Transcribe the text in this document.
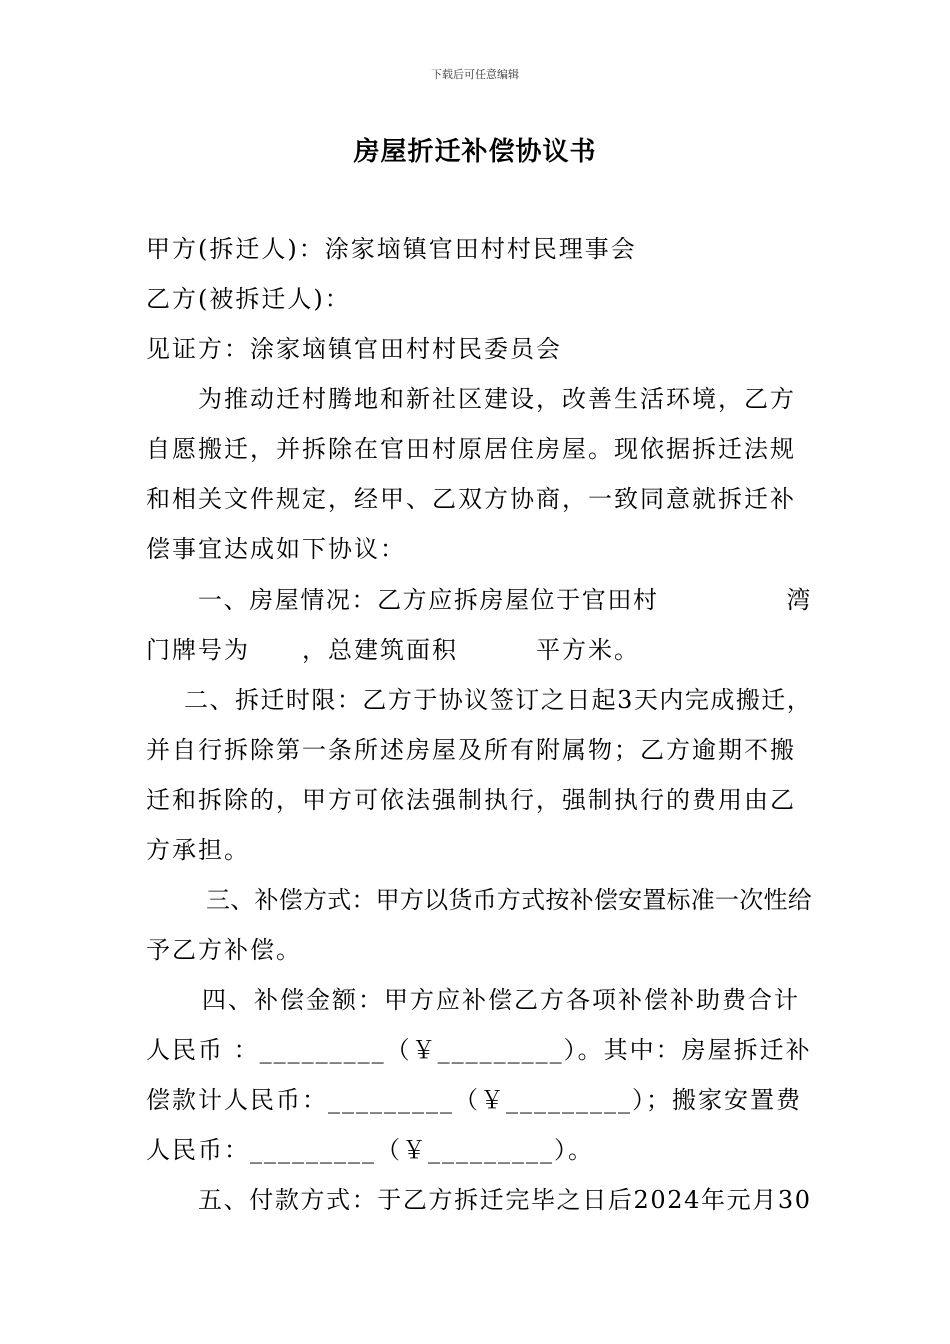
下载后可任意编辑
房屋折迁补偿协议书
甲方(拆迁人)：涂家垴镇官田村村民理事会
乙方(被拆迁人)：
见证方：涂家垴镇官田村村民委员会
为推动迁村腾地和新社区建设，改善生活环境，乙方
自愿搬迁，并拆除在官田村原居住房屋。现依据拆迁法规
和相关文件规定，经甲、乙双方协商，一致同意就拆迁补
偿事宜达成如下协议：
一、房屋情况：乙方应拆房屋位于官田村　　　　　湾
门牌号为　　，总建筑面积　　　平方米。
二、拆迁时限：乙方于协议签订之日起3天内完成搬迁，
并自行拆除第一条所述房屋及所有附属物；乙方逾期不搬
迁和拆除的，甲方可依法强制执行，强制执行的费用由乙
方承担。
三、补偿方式：甲方以货币方式按补偿安置标准一次性给
予乙方补偿。
四、补偿金额：甲方应补偿乙方各项补偿补助费合计
人民币 ：_________（￥_________）。其中：房屋拆迁补
偿款计人民币：_________（￥_________）；搬家安置费
人民币：_________（￥_________）。
五、付款方式：于乙方拆迁完毕之日后2024年元月30
